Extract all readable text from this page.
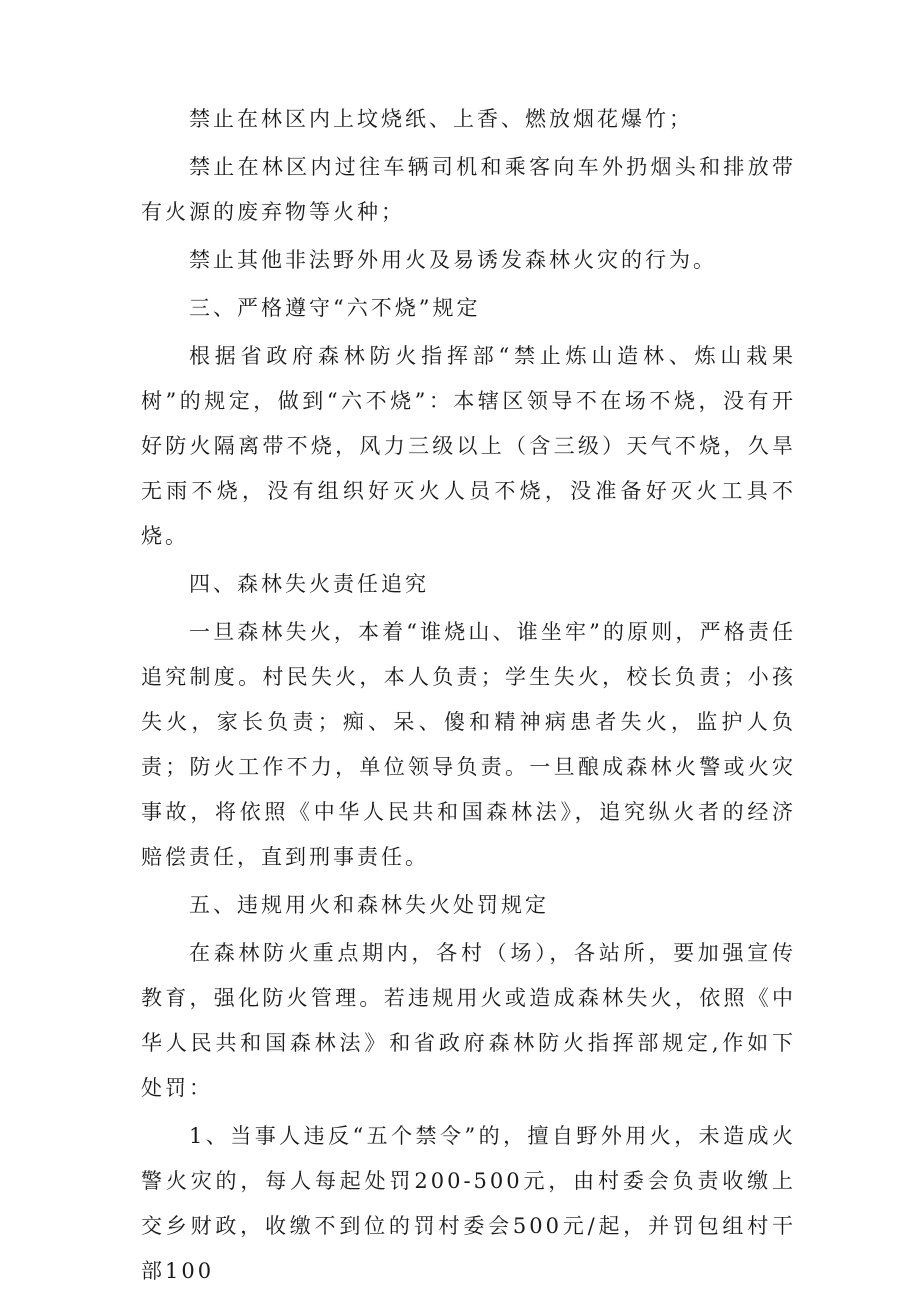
禁止在林区内上坟烧纸、上香、燃放烟花爆竹；

禁止在林区内过往车辆司机和乘客向车外扔烟头和排放带有火源的废弃物等火种；

禁止其他非法野外用火及易诱发森林火灾的行为。

三、严格遵守“六不烧”规定

根据省政府森林防火指挥部“禁止炼山造林、炼山栽果树”的规定，做到“六不烧”：本辖区领导不在场不烧，没有开好防火隔离带不烧，风力三级以上（含三级）天气不烧，久旱无雨不烧，没有组织好灭火人员不烧，没准备好灭火工具不烧。

四、森林失火责任追究

一旦森林失火，本着“谁烧山、谁坐牢”的原则，严格责任追究制度。村民失火，本人负责；学生失火，校长负责；小孩失火，家长负责；痴、呆、傻和精神病患者失火，监护人负责；防火工作不力，单位领导负责。一旦酿成森林火警或火灾事故，将依照《中华人民共和国森林法》，追究纵火者的经济赔偿责任，直到刑事责任。

五、违规用火和森林失火处罚规定

在森林防火重点期内，各村（场），各站所，要加强宣传教育，强化防火管理。若违规用火或造成森林失火，依照《中华人民共和国森林法》和省政府森林防火指挥部规定,作如下处罚：

1、当事人违反“五个禁令”的，擅自野外用火，未造成火警火灾的，每人每起处罚200-500元，由村委会负责收缴上交乡财政，收缴不到位的罚村委会500元/起，并罚包组村干部100
